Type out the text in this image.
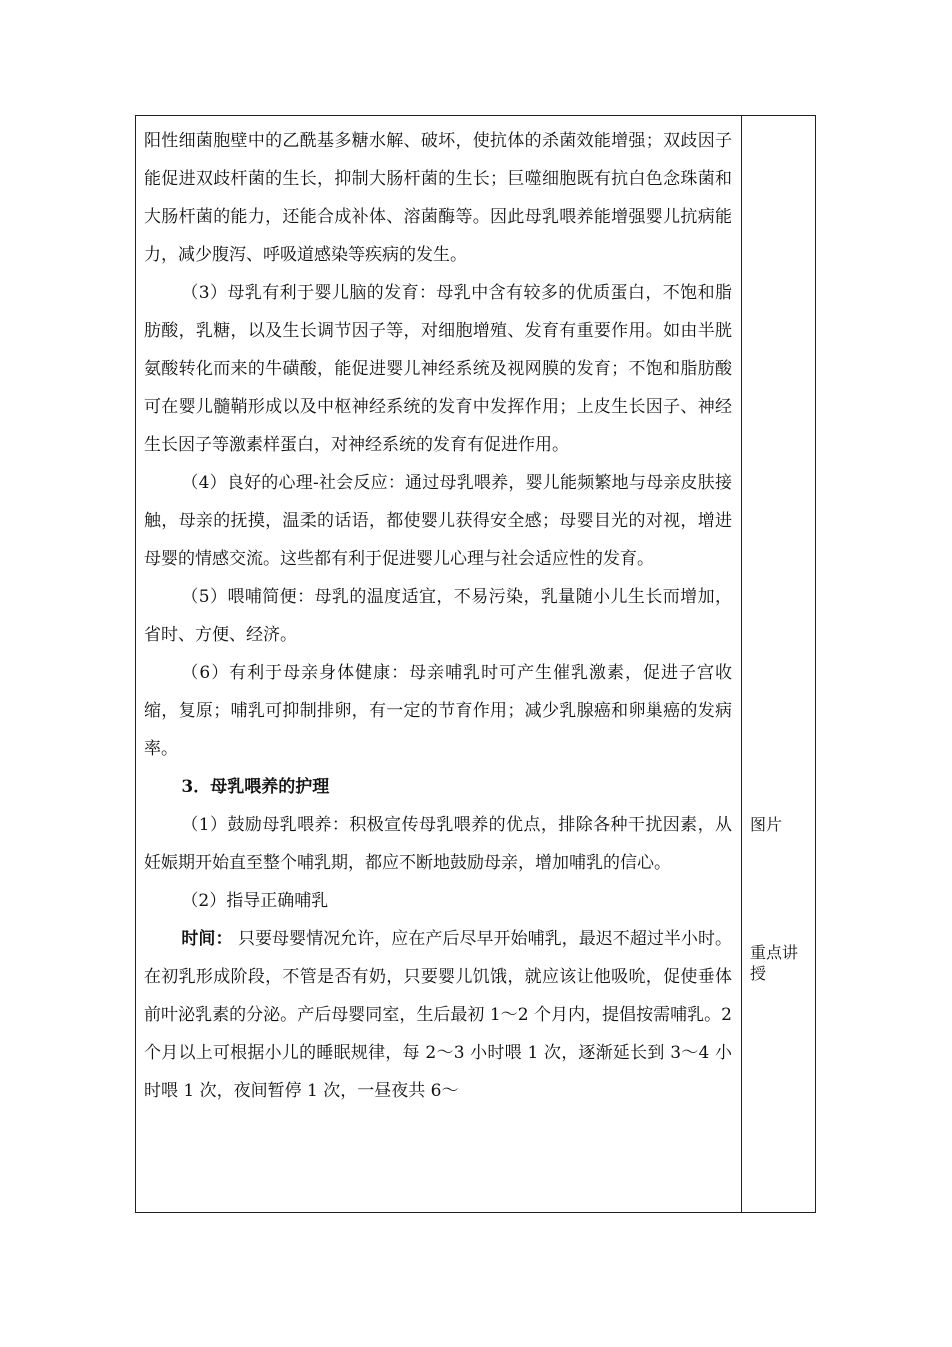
阳性细菌胞壁中的乙酰基多糖水解、破坏，使抗体的杀菌效能增强；双歧因子能促进双歧杆菌的生长，抑制大肠杆菌的生长；巨噬细胞既有抗白色念珠菌和大肠杆菌的能力，还能合成补体、溶菌酶等。因此母乳喂养能增强婴儿抗病能力，减少腹泻、呼吸道感染等疾病的发生。

（3）母乳有利于婴儿脑的发育：母乳中含有较多的优质蛋白，不饱和脂肪酸，乳糖，以及生长调节因子等，对细胞增殖、发育有重要作用。如由半胱氨酸转化而来的牛磺酸，能促进婴儿神经系统及视网膜的发育；不饱和脂肪酸可在婴儿髓鞘形成以及中枢神经系统的发育中发挥作用；上皮生长因子、神经生长因子等激素样蛋白，对神经系统的发育有促进作用。

（4）良好的心理-社会反应：通过母乳喂养，婴儿能频繁地与母亲皮肤接触，母亲的抚摸，温柔的话语，都使婴儿获得安全感；母婴目光的对视，增进母婴的情感交流。这些都有利于促进婴儿心理与社会适应性的发育。

（5）喂哺简便：母乳的温度适宜，不易污染，乳量随小儿生长而增加，省时、方便、经济。

（6）有利于母亲身体健康：母亲哺乳时可产生催乳激素，促进子宫收缩，复原；哺乳可抑制排卵，有一定的节育作用；减少乳腺癌和卵巢癌的发病率。

3．母乳喂养的护理

（1）鼓励母乳喂养：积极宣传母乳喂养的优点，排除各种干扰因素，从妊娠期开始直至整个哺乳期，都应不断地鼓励母亲，增加哺乳的信心。

（2）指导正确哺乳

时间： 只要母婴情况允许，应在产后尽早开始哺乳，最迟不超过半小时。在初乳形成阶段，不管是否有奶，只要婴儿饥饿，就应该让他吸吮，促使垂体前叶泌乳素的分泌。产后母婴同室，生后最初 1～2 个月内，提倡按需哺乳。2 个月以上可根据小儿的睡眠规律，每 2～3 小时喂 1 次，逐渐延长到 3～4 小时喂 1 次，夜间暂停 1 次，一昼夜共 6～

图片
重点讲授
